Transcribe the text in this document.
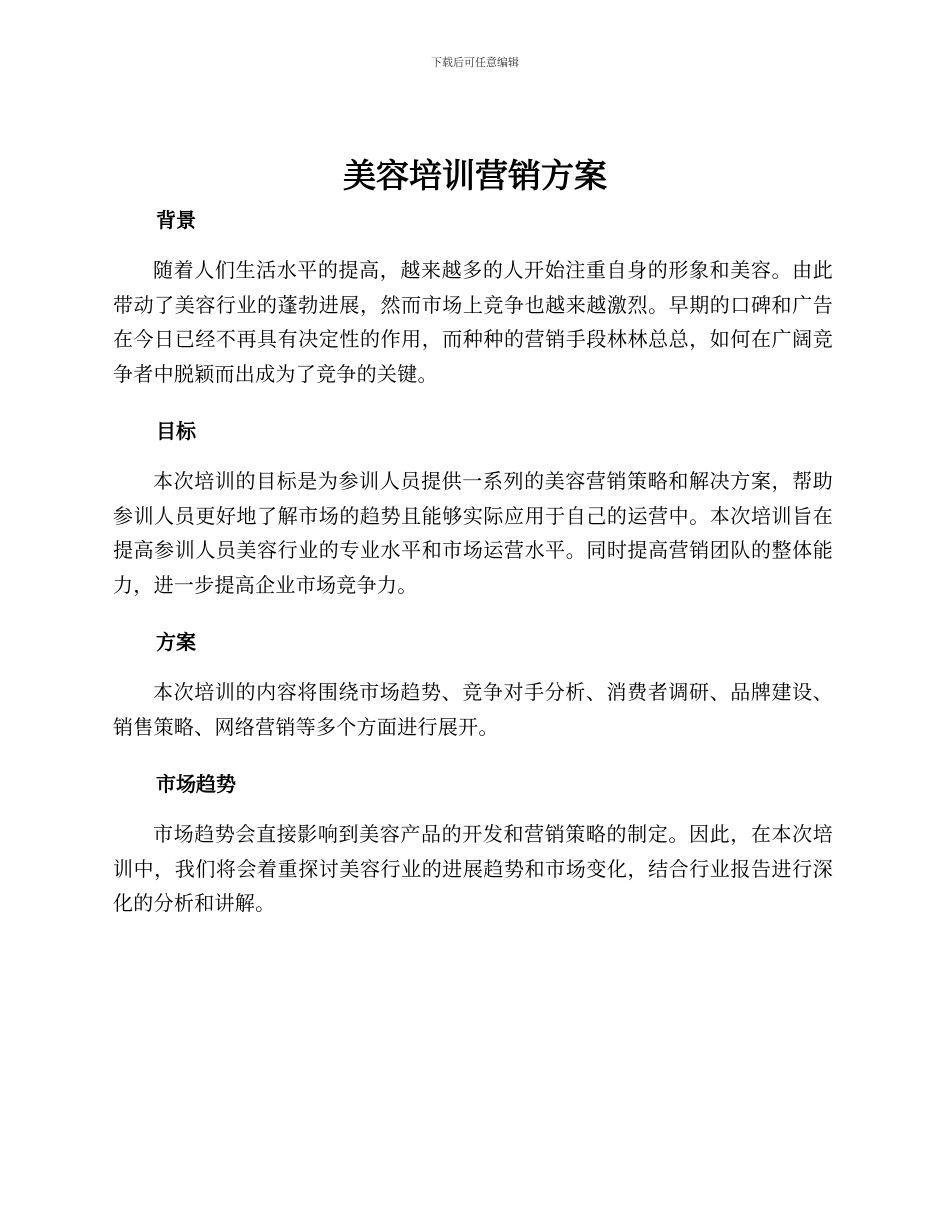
下载后可任意编辑
美容培训营销方案
背景

随着人们生活水平的提高，越来越多的人开始注重自身的形象和美容。由此带动了美容行业的蓬勃进展，然而市场上竞争也越来越激烈。早期的口碑和广告在今日已经不再具有决定性的作用，而种种的营销手段林林总总，如何在广阔竞争者中脱颖而出成为了竞争的关键。

目标

本次培训的目标是为参训人员提供一系列的美容营销策略和解决方案，帮助参训人员更好地了解市场的趋势且能够实际应用于自己的运营中。本次培训旨在提高参训人员美容行业的专业水平和市场运营水平。同时提高营销团队的整体能力，进一步提高企业市场竞争力。

方案

本次培训的内容将围绕市场趋势、竞争对手分析、消费者调研、品牌建设、销售策略、网络营销等多个方面进行展开。

市场趋势

市场趋势会直接影响到美容产品的开发和营销策略的制定。因此，在本次培训中，我们将会着重探讨美容行业的进展趋势和市场变化，结合行业报告进行深化的分析和讲解。
